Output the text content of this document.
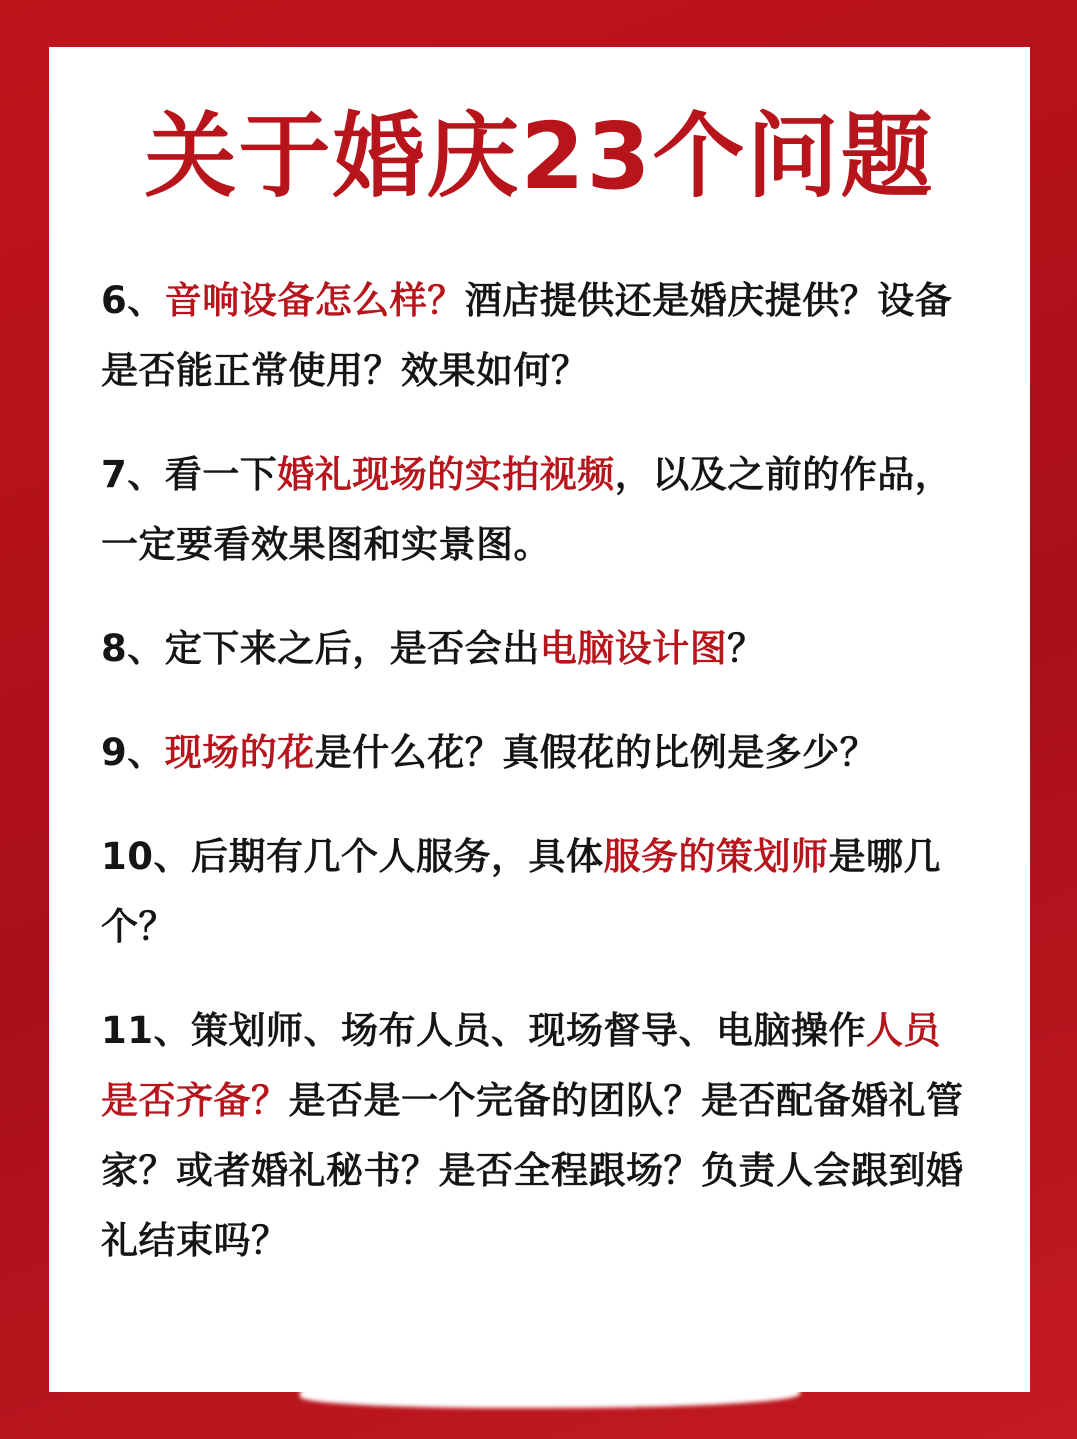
关于婚庆23个问题

6、音响设备怎么样？酒店提供还是婚庆提供？设备是否能正常使用？效果如何？

7、看一下婚礼现场的实拍视频，以及之前的作品，一定要看效果图和实景图。

8、定下来之后，是否会出电脑设计图？

9、现场的花是什么花？真假花的比例是多少？

10、后期有几个人服务，具体服务的策划师是哪几个？

11、策划师、场布人员、现场督导、电脑操作人员是否齐备？是否是一个完备的团队？是否配备婚礼管家？或者婚礼秘书？是否全程跟场？负责人会跟到婚礼结束吗？
